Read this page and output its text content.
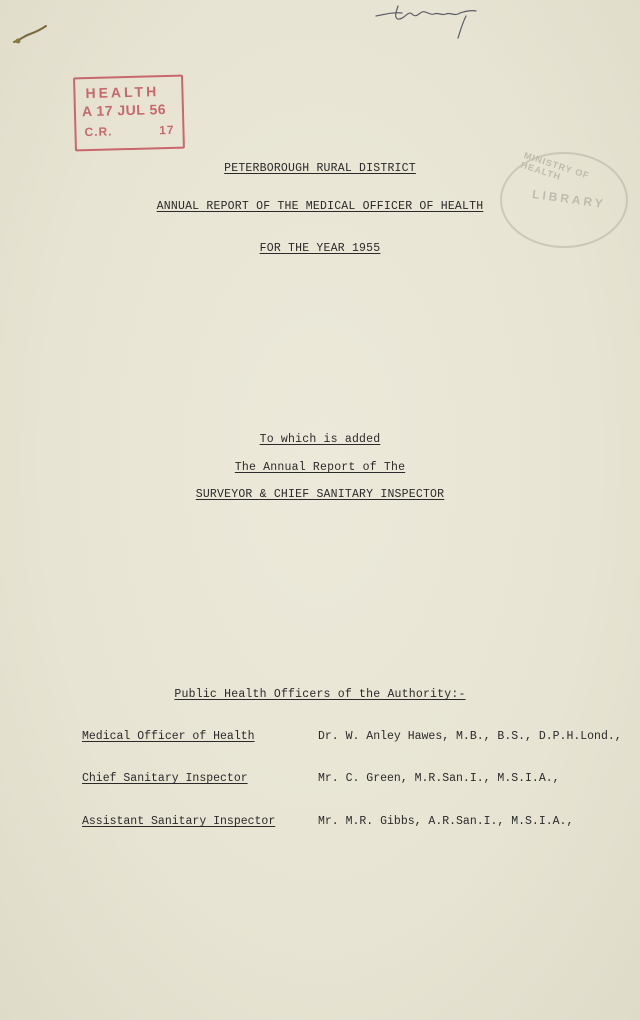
HEALTH
A 17 JUL 56
C.R.	17
MINISTRY OF HEALTH
LIBRARY
PETERBOROUGH RURAL DISTRICT
ANNUAL REPORT OF THE MEDICAL OFFICER OF HEALTH
FOR THE YEAR 1955
To which is added
The Annual Report of The
SURVEYOR & CHIEF SANITARY INSPECTOR
Public Health Officers of the Authority:-
Medical Officer of Health	Dr. W. Anley Hawes, M.B., B.S., D.P.H.Lond.,
Chief Sanitary Inspector	Mr. C. Green, M.R.San.I., M.S.I.A.,
Assistant Sanitary Inspector	Mr. M.R. Gibbs, A.R.San.I., M.S.I.A.,
